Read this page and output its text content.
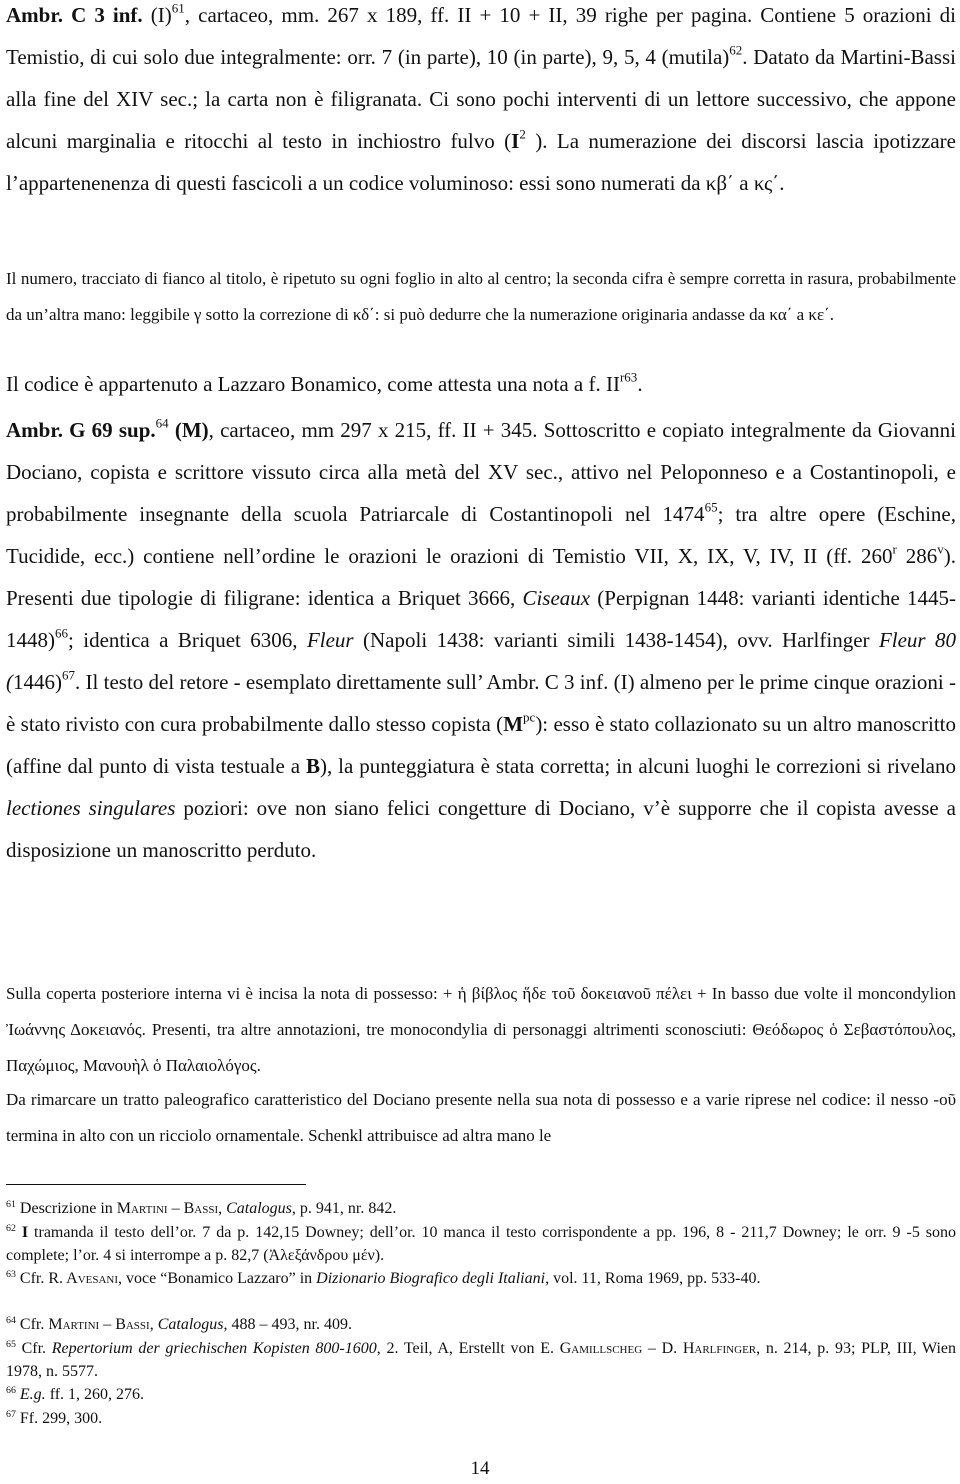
Ambr. C 3 inf. $(I)^{61}$, cartaceo, mm. 267 x 189, ff. II + 10 + II, 39 righe per pagina. Contiene 5 orazioni di Temistio, di cui solo due integralmente: orr. 7 (in parte), 10 (in parte), 9, 5, 4 (mutila)$^{62}$. Datato da Martini-Bassi alla fine del XIV sec.; la carta non è filigranata. Ci sono pochi interventi di un lettore successivo, che appone alcuni marginalia e ritocchi al testo in inchiostro fulvo ($I^2$ ). La numerazione dei discorsi lascia ipotizzare l’appartenenenza di questi fascicoli a un codice voluminoso: essi sono numerati da κβ΄ a κς΄.

Il numero, tracciato di fianco al titolo, è ripetuto su ogni foglio in alto al centro; la seconda cifra è sempre corretta in rasura, probabilmente da un’altra mano: leggibile γ sotto la correzione di κδ΄: si può dedurre che la numerazione originaria andasse da κα΄ a κε΄.

Il codice è appartenuto a Lazzaro Bonamico, come attesta una nota a f. $II^{r63}$.

Ambr. G 69 sup.$^{64}$ (M), cartaceo, mm 297 x 215, ff. II + 345. Sottoscritto e copiato integralmente da Giovanni Dociano, copista e scrittore vissuto circa alla metà del XV sec., attivo nel Peloponneso e a Costantinopoli, e probabilmente insegnante della scuola Patriarcale di Costantinopoli nel 1474$^{65}$; tra altre opere (Eschine, Tucidide, ecc.) contiene nell’ordine le orazioni le orazioni di Temistio VII, X, IX, V, IV, II (ff. 260$^r$ 286$^v$). Presenti due tipologie di filigrane: identica a Briquet 3666, Ciseaux (Perpignan 1448: varianti identiche 1445-1448)$^{66}$; identica a Briquet 6306, Fleur (Napoli 1438: varianti simili 1438-1454), ovv. Harlfinger Fleur 80 $(1446)^{67}$. Il testo del retore - esemplato direttamente sull’ Ambr. C 3 inf. (I) almeno per le prime cinque orazioni - è stato rivisto con cura probabilmente dallo stesso copista $(M^{pc})$: esso è stato collazionato su un altro manoscritto (affine dal punto di vista testuale a B), la punteggiatura è stata corretta; in alcuni luoghi le correzioni si rivelano lectiones singulares poziori: ove non siano felici congetture di Dociano, v’è supporre che il copista avesse a disposizione un manoscritto perduto.

Sulla coperta posteriore interna vi è incisa la nota di possesso: + ἡ βίβλος ἥδε τοῦ δοκειανοῦ πέλει + In basso due volte il moncondylion Ἰωάννης Δοκειανός. Presenti, tra altre annotazioni, tre monocondylia di personaggi altrimenti sconosciuti: Θεόδωρος ὁ Σεβαστόπουλος, Παχώμιος, Μανουὴλ ὁ Παλαιολόγος.

Da rimarcare un tratto paleografico caratteristico del Dociano presente nella sua nota di possesso e a varie riprese nel codice: il nesso -οῦ termina in alto con un ricciolo ornamentale. Schenkl attribuisce ad altra mano le

$^{61}$ Descrizione in Martini – Bassi, Catalogus, p. 941, nr. 842.

$^{62}$ I tramanda il testo dell’or. 7 da p. 142,15 Downey; dell’or. 10 manca il testo corrispondente a pp. 196, 8 - 211,7 Downey; le orr. 9 -5 sono complete; l’or. 4 si interrompe a p. 82,7 (Ἀλεξάνδρου μέν).

$^{63}$ Cfr. R. Avesani, voce “Bonamico Lazzaro” in Dizionario Biografico degli Italiani, vol. 11, Roma 1969, pp. 533-40.

$^{64}$ Cfr. Martini – Bassi, Catalogus, 488 – 493, nr. 409.

$^{65}$ Cfr. Repertorium der griechischen Kopisten 800-1600, 2. Teil, A, Erstellt von E. Gamillscheg – D. Harlfinger, n. 214, p. 93; PLP, III, Wien 1978, n. 5577.

$^{66}$ E.g. ff. 1, 260, 276.

$^{67}$ Ff. 299, 300.

14
